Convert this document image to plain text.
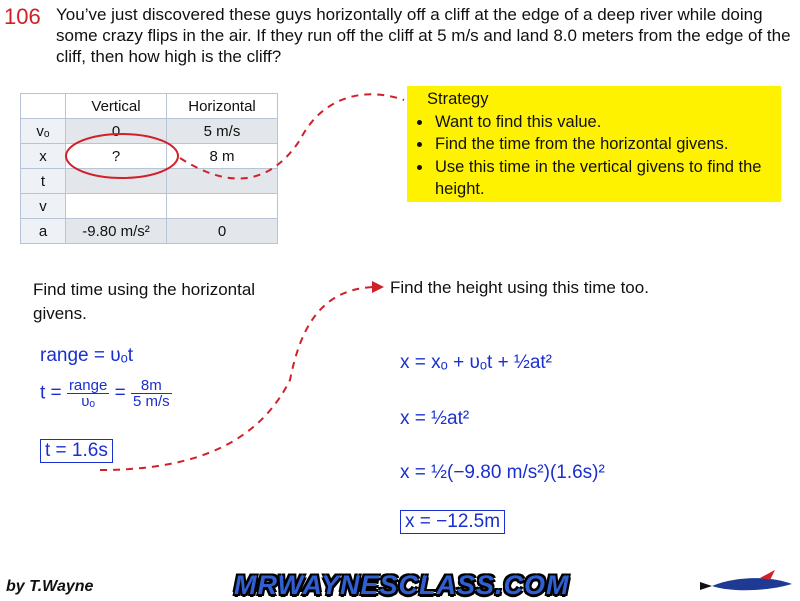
106 You’ve just discovered these guys horizontally off a cliff at the edge of a deep river while doing some crazy flips in the air. If they run off the cliff at 5 m/s and land 8.0 meters from the edge of the cliff, then how high is the cliff?
	Vertical	Horizontal
vₒ	0	5 m/s
x	?	8 m
t		
v		
a	-9.80 m/s²	0
Strategy
• Want to find this value.
• Find the time from the horizontal givens.
• Use this time in the vertical givens to find the height.
Find time using the horizontal givens.
Find the height using this time too.
range = υₒt
$t = \frac{\text{range}}{\text{υₒ}} = \frac{8m}{5 m/s}$
t = 1.6s
x = xₒ + υₒt + ½at²
x = ½at²
x = ½(−9.80 m/s²)(1.6s)²
x = −12.5m
by T.Wayne	MRWAYNESCLASS.COM
